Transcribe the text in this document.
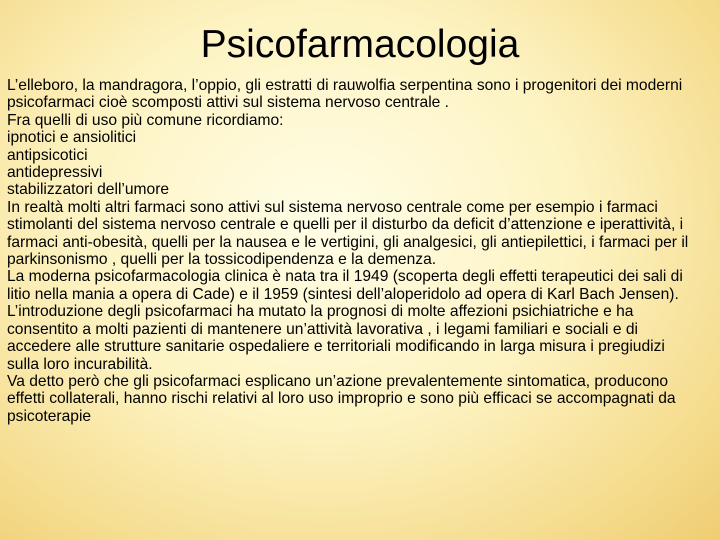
Psicofarmacologia

L’elleboro, la mandragora, l’oppio, gli estratti di rauwolfia serpentina sono i progenitori dei moderni psicofarmaci cioè scomposti attivi sul sistema nervoso centrale .

Fra quelli di uso più comune ricordiamo:

ipnotici e ansiolitici

antipsicotici

antidepressivi

stabilizzatori dell’umore

In realtà molti altri farmaci sono attivi sul sistema nervoso centrale come per esempio i farmaci stimolanti del sistema nervoso centrale e quelli per il disturbo da deficit d’attenzione e iperattività, i farmaci anti-obesità, quelli per la nausea e le vertigini, gli analgesici, gli antiepilettici, i farmaci per il parkinsonismo , quelli per la tossicodipendenza e la demenza.

La moderna psicofarmacologia clinica è nata tra il 1949 (scoperta degli effetti terapeutici dei sali di litio nella mania a opera di Cade) e il 1959 (sintesi dell’aloperidolo ad opera di Karl Bach Jensen).

L’introduzione degli psicofarmaci ha mutato la prognosi di molte affezioni psichiatriche e ha consentito a molti pazienti di mantenere un’attività lavorativa , i legami familiari e sociali e di accedere alle strutture sanitarie ospedaliere e territoriali modificando in larga misura i pregiudizi sulla loro incurabilità.

Va detto però che gli psicofarmaci esplicano un’azione prevalentemente sintomatica, producono effetti collaterali, hanno rischi relativi al loro uso improprio e sono più efficaci se accompagnati da psicoterapie
